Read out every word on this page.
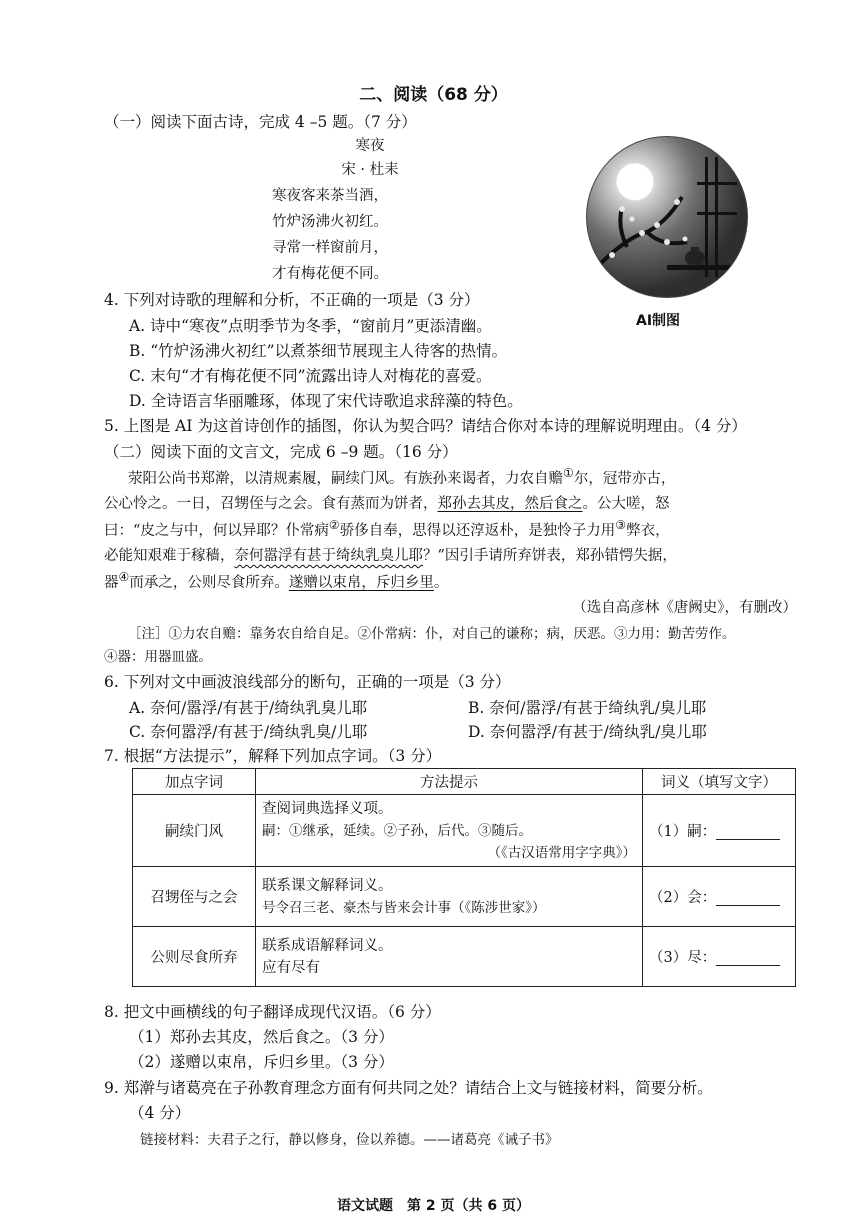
二、阅读（68 分）
（一）阅读下面古诗，完成 4 –5 题。（7 分）
寒夜
宋 · 杜耒
寒夜客来茶当酒，
竹炉汤沸火初红。
寻常一样窗前月，
才有梅花便不同。
AI制图
4. 下列对诗歌的理解和分析，不正确的一项是（3 分）
A. 诗中“寒夜”点明季节为冬季，“窗前月”更添清幽。
B. “竹炉汤沸火初红”以煮茶细节展现主人待客的热情。
C. 末句“才有梅花便不同”流露出诗人对梅花的喜爱。
D. 全诗语言华丽雕琢，体现了宋代诗歌追求辞藻的特色。
5. 上图是 AI 为这首诗创作的插图，你认为契合吗？请结合你对本诗的理解说明理由。（4 分）
（二）阅读下面的文言文，完成 6 –9 题。（16 分）
荥阳公尚书郑澣，以清规素履，嗣续门风。有族孙来谒者，力农自赡①尔，冠带亦古，
公心怜之。一日，召甥侄与之会。食有蒸而为饼者，郑孙去其皮，然后食之。公大嗟，怒
曰：“皮之与中，何以异耶？仆常病②骄侈自奉，思得以还淳返朴，是独怜子力用③弊衣，
必能知艰难于稼穑，奈何嚣浮有甚于绮纨乳臭儿耶？”因引手请所弃饼表，郑孙错愕失据，
器④而承之，公则尽食所弃。遂赠以束帛，斥归乡里。
（选自高彦林《唐阙史》，有删改）
［注］①力农自赡：靠务农自给自足。②仆常病：仆，对自己的谦称；病，厌恶。③力用：勤苦劳作。
④器：用器皿盛。
6. 下列对文中画波浪线部分的断句，正确的一项是（3 分）
A. 奈何/嚣浮/有甚于/绮纨乳臭儿耶	B. 奈何/嚣浮/有甚于绮纨乳/臭儿耶
C. 奈何嚣浮/有甚于/绮纨乳臭/儿耶	D. 奈何嚣浮/有甚于/绮纨乳/臭儿耶
7. 根据“方法提示”，解释下列加点字词。（3 分）
加点字词	方法提示	词义（填写文字）
嗣续门风	查阅词典选择义项。
嗣：①继承，延续。②子孙，后代。③随后。
（《古汉语常用字字典》）	（1）嗣：
召甥侄与之会	联系课文解释词义。
号令召三老、豪杰与皆来会计事（《陈涉世家》）	（2）会：
公则尽食所弃	联系成语解释词义。
应有尽有	（3）尽：
8. 把文中画横线的句子翻译成现代汉语。（6 分）
（1）郑孙去其皮，然后食之。（3 分）
（2）遂赠以束帛，斥归乡里。（3 分）
9. 郑澣与诸葛亮在子孙教育理念方面有何共同之处？请结合上文与链接材料，简要分析。
（4 分）
链接材料：夫君子之行，静以修身，俭以养德。——诸葛亮《诫子书》
语文试题　第 2 页（共 6 页）
